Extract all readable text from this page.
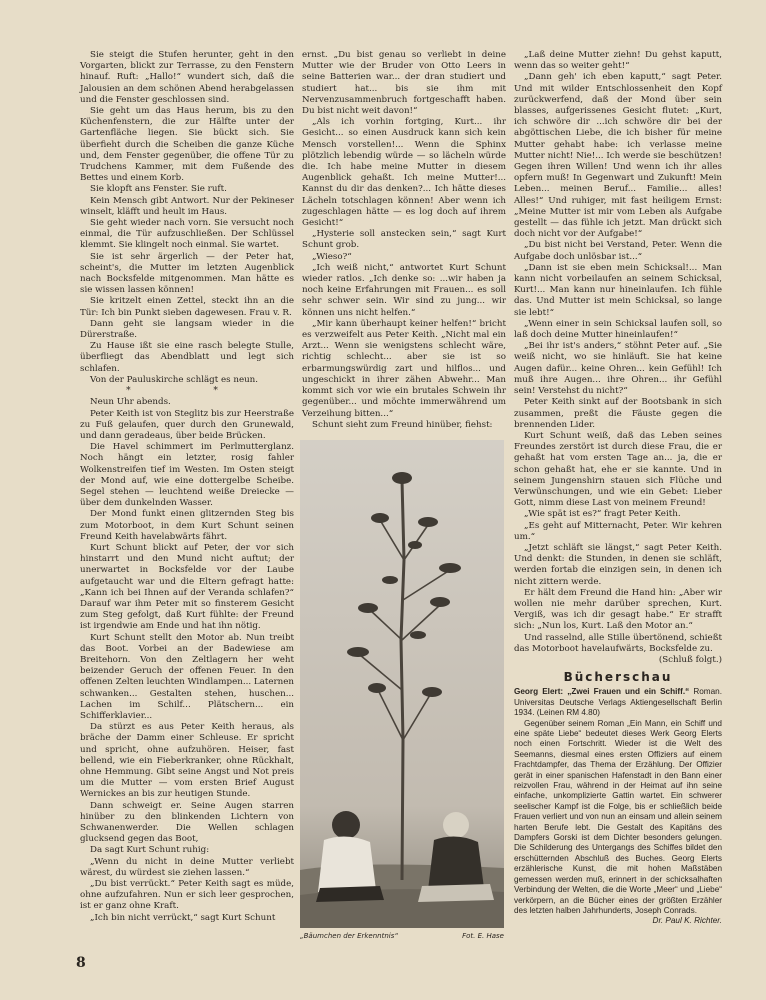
Sie steigt die Stufen herunter, geht in den Vorgarten, blickt zur Terrasse, zu den Fenstern hinauf. Ruft: „Hallo!“ wundert sich, daß die Jalousien an dem schönen Abend herabgelassen und die Fenster geschlossen sind.

Sie geht um das Haus herum, bis zu den Küchenfenstern, die zur Hälfte unter der Gartenfläche liegen. Sie bückt sich. Sie überfieht durch die Scheiben die ganze Küche und, dem Fenster gegenüber, die offene Tür zu Trudchens Kammer, mit dem Fußende des Bettes und einem Korb.

Sie klopft ans Fenster. Sie ruft.

Kein Mensch gibt Antwort. Nur der Pekineser winselt, kläfft und heult im Haus.

Sie geht wieder nach vorn. Sie versucht noch einmal, die Tür aufzuschließen. Der Schlüssel klemmt. Sie klingelt noch einmal. Sie wartet.

Sie ist sehr ärgerlich — der Peter hat, scheint's, die Mutter im letzten Augenblick nach Bocksfelde mitgenommen. Man hätte es sie wissen lassen können!

Sie kritzelt einen Zettel, steckt ihn an die Tür: Ich bin Punkt sieben dagewesen. Frau v. R.

Dann geht sie langsam wieder in die Dürerstraße.

Zu Hause ißt sie eine rasch belegte Stulle, überfliegt das Abendblatt und legt sich schlafen.

Von der Pauluskirche schlägt es neun.

* *

Neun Uhr abends.

Peter Keith ist von Steglitz bis zur Heerstraße zu Fuß gelaufen, quer durch den Grunewald, und dann geradeaus, über beide Brücken.

Die Havel schimmert im Perlmutterglanz. Noch hängt ein letzter, rosig fahler Wolkenstreifen tief im Westen. Im Osten steigt der Mond auf, wie eine dottergelbe Scheibe. Segel stehen — leuchtend weiße Dreiecke — über dem dunkelnden Wasser.

Der Mond funkt einen glitzernden Steg bis zum Motorboot, in dem Kurt Schunt seinen Freund Keith havelabwärts fährt.

Kurt Schunt blickt auf Peter, der vor sich hinstarrt und den Mund nicht auftut; der unerwartet in Bocksfelde vor der Laube aufgetaucht war und die Eltern gefragt hatte: „Kann ich bei Ihnen auf der Veranda schlafen?“ Darauf war ihm Peter mit so finsterem Gesicht zum Steg gefolgt, daß Kurt fühlte: der Freund ist irgendwie am Ende und hat ihn nötig.

Kurt Schunt stellt den Motor ab. Nun treibt das Boot. Vorbei an der Badewiese am Breitehorn. Von den Zeltlagern her weht beizender Geruch der offenen Feuer. In den offenen Zelten leuchten Windlampen... Laternen schwanken... Gestalten stehen, huschen... Lachen im Schilf... Plätschern... ein Schifferklavier...

Da stürzt es aus Peter Keith heraus, als bräche der Damm einer Schleuse. Er spricht und spricht, ohne aufzuhören. Heiser, fast bellend, wie ein Fieberkranker, ohne Rückhalt, ohne Hemmung. Gibt seine Angst und Not preis um die Mutter — vom ersten Brief August Wernickes an bis zur heutigen Stunde.

Dann schweigt er. Seine Augen starren hinüber zu den blinkenden Lichtern von Schwanenwerder. Die Wellen schlagen glucksend gegen das Boot,

Da sagt Kurt Schunt ruhig:

„Wenn du nicht in deine Mutter verliebt wärest, du würdest sie ziehen lassen.“

„Du bist verrückt.“ Peter Keith sagt es müde, ohne aufzufahren. Nun er sich leer gesprochen, ist er ganz ohne Kraft.

„Ich bin nicht verrückt,“ sagt Kurt Schunt

ernst. „Du bist genau so verliebt in deine Mutter wie der Bruder von Otto Leers in seine Batterien war... der dran studiert und studiert hat... bis sie ihm mit Nervenzusammenbruch fortgeschafft haben. Du bist nicht weit davon!“

„Als ich vorhin fortging, Kurt... ihr Gesicht... so einen Ausdruck kann sich kein Mensch vorstellen!... Wenn die Sphinx plötzlich lebendig würde — so lächeln würde die. Ich habe meine Mutter in diesem Augenblick gehaßt. Ich meine Mutter!... Kannst du dir das denken?... Ich hätte dieses Lächeln totschlagen können! Aber wenn ich zugeschlagen hätte — es log doch auf ihrem Gesicht!“

„Hysterie soll anstecken sein,“ sagt Kurt Schunt grob.

„Wieso?“

„Ich weiß nicht,“ antwortet Kurt Schunt wieder ratlos. „Ich denke so: ...wir haben ja noch keine Erfahrungen mit Frauen... es soll sehr schwer sein. Wir sind zu jung... wir können uns nicht helfen.“

„Mir kann überhaupt keiner helfen!“ bricht es verzweifelt aus Peter Keith. „Nicht mal ein Arzt... Wenn sie wenigstens schlecht wäre, richtig schlecht... aber sie ist so erbarmungswürdig zart und hilflos... und ungeschickt in ihrer zähen Abwehr... Man kommt sich vor wie ein brutales Schwein ihr gegenüber... und möchte immerwährend um Verzeihung bitten...“

Schunt sieht zum Freund hinüber, fiehst:

„Bäumchen der Erkenntnis“	Fot. E. Hase

„Laß deine Mutter ziehn! Du gehst kaputt, wenn das so weiter geht!“

„Dann geh' ich eben kaputt,“ sagt Peter. Und mit wilder Entschlossenheit den Kopf zurückwerfend, daß der Mond über sein blasses, aufgerissenes Gesicht flutet: „Kurt, ich schwöre dir ...ich schwöre dir bei der abgöttischen Liebe, die ich bisher für meine Mutter gehabt habe: ich verlasse meine Mutter nicht! Nie!... Ich werde sie beschützen! Gegen ihren Willen! Und wenn ich ihr alles opfern muß! In Gegenwart und Zukunft! Mein Leben... meinen Beruf... Familie... alles! Alles!“ Und ruhiger, mit fast heiligem Ernst: „Meine Mutter ist mir vom Leben als Aufgabe gestellt — das fühle ich jetzt. Man drückt sich doch nicht vor der Aufgabe!“

„Du bist nicht bei Verstand, Peter. Wenn die Aufgabe doch unlösbar ist...“

„Dann ist sie eben mein Schicksal!... Man kann nicht vorbeilaufen an seinem Schicksal, Kurt!... Man kann nur hineinlaufen. Ich fühle das. Und Mutter ist mein Schicksal, so lange sie lebt!“

„Wenn einer in sein Schicksal laufen soll, so laß doch deine Mutter hineinlaufen!“

„Bei ihr ist's anders,“ stöhnt Peter auf. „Sie weiß nicht, wo sie hinläuft. Sie hat keine Augen dafür... keine Ohren... kein Gefühl! Ich muß ihre Augen... ihre Ohren... ihr Gefühl sein! Verstehst du nicht?“

Peter Keith sinkt auf der Bootsbank in sich zusammen, preßt die Fäuste gegen die brennenden Lider.

Kurt Schunt weiß, daß das Leben seines Freundes zerstört ist durch diese Frau, die er gehaßt hat vom ersten Tage an... ja, die er schon gehaßt hat, ehe er sie kannte. Und in seinem Jungenshirn stauen sich Flüche und Verwünschungen, und wie ein Gebet: Lieber Gott, nimm diese Last von meinem Freund!

„Wie spät ist es?“ fragt Peter Keith.

„Es geht auf Mitternacht, Peter. Wir kehren um.“

„Jetzt schläft sie längst,“ sagt Peter Keith. Und denkt: die Stunden, in denen sie schläft, werden fortab die einzigen sein, in denen ich nicht zittern werde.

Er hält dem Freund die Hand hin: „Aber wir wollen nie mehr darüber sprechen, Kurt. Vergiß, was ich dir gesagt habe.“ Er strafft sich: „Nun los, Kurt. Laß den Motor an.“

Und rasselnd, alle Stille übertönend, schießt das Motorboot havelaufwärts, Bocksfelde zu.

(Schluß folgt.)

Bücherschau

Georg Elert: „Zwei Frauen und ein Schiff.“ Roman. Universitas Deutsche Verlags Aktiengesellschaft Berlin 1934. (Leinen RM 4.80)

Gegenüber seinem Roman „Ein Mann, ein Schiff und eine späte Liebe“ bedeutet dieses Werk Georg Elerts noch einen Fortschritt. Wieder ist die Welt des Seemanns, diesmal eines ersten Offiziers auf einem Frachtdampfer, das Thema der Erzählung. Der Offizier gerät in einer spanischen Hafenstadt in den Bann einer reizvollen Frau, während in der Heimat auf ihn seine einfache, unkomplizierte Gattin wartet. Ein schwerer seelischer Kampf ist die Folge, bis er schließlich beide Frauen verliert und von nun an einsam und allein seinem harten Berufe lebt. Die Gestalt des Kapitäns des Dampfers Gorski ist dem Dichter besonders gelungen. Die Schilderung des Untergangs des Schiffes bildet den erschütternden Abschluß des Buches. Georg Elerts erzählerische Kunst, die mit hohen Maßstäben gemessen werden muß, erinnert in der schicksalhaften Verbindung der Welten, die die Worte „Meer“ und „Liebe“ verkörpern, an die Bücher eines der größten Erzähler des letzten halben Jahrhunderts, Joseph Conrads.

Dr. Paul K. Richter.

8
